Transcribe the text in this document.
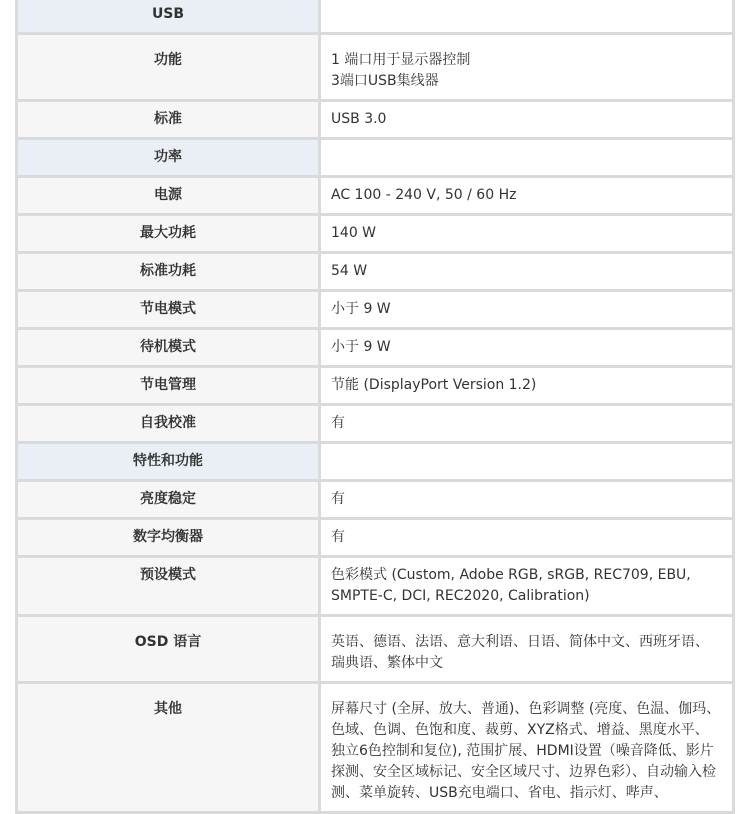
USB	
功能	1 端口用于显示器控制
3端口USB集线器

标准	USB 3.0
功率	
电源	AC 100 - 240 V, 50 / 60 Hz
最大功耗	140 W
标准功耗	54 W
节电模式	小于 9 W
待机模式	小于 9 W
节电管理	节能 (DisplayPort Version 1.2)
自我校准	有
特性和功能	
亮度稳定	有
数字均衡器	有
预设模式	色彩模式 (Custom, Adobe RGB, sRGB, REC709, EBU, SMPTE-C, DCI, REC2020, Calibration)
OSD 语言	英语、德语、法语、意大利语、日语、简体中文、西班牙语、瑞典语、繁体中文
其他	屏幕尺寸 (全屏、放大、普通)、色彩调整 (亮度、色温、伽玛、色域、色调、色饱和度、裁剪、XYZ格式、增益、黑度水平、独立6色控制和复位), 范围扩展、HDMI设置（噪音降低、影片探测、安全区域标记、安全区域尺寸、边界色彩）、自动输入检测、菜单旋转、USB充电端口、省电、指示灯、哔声、
